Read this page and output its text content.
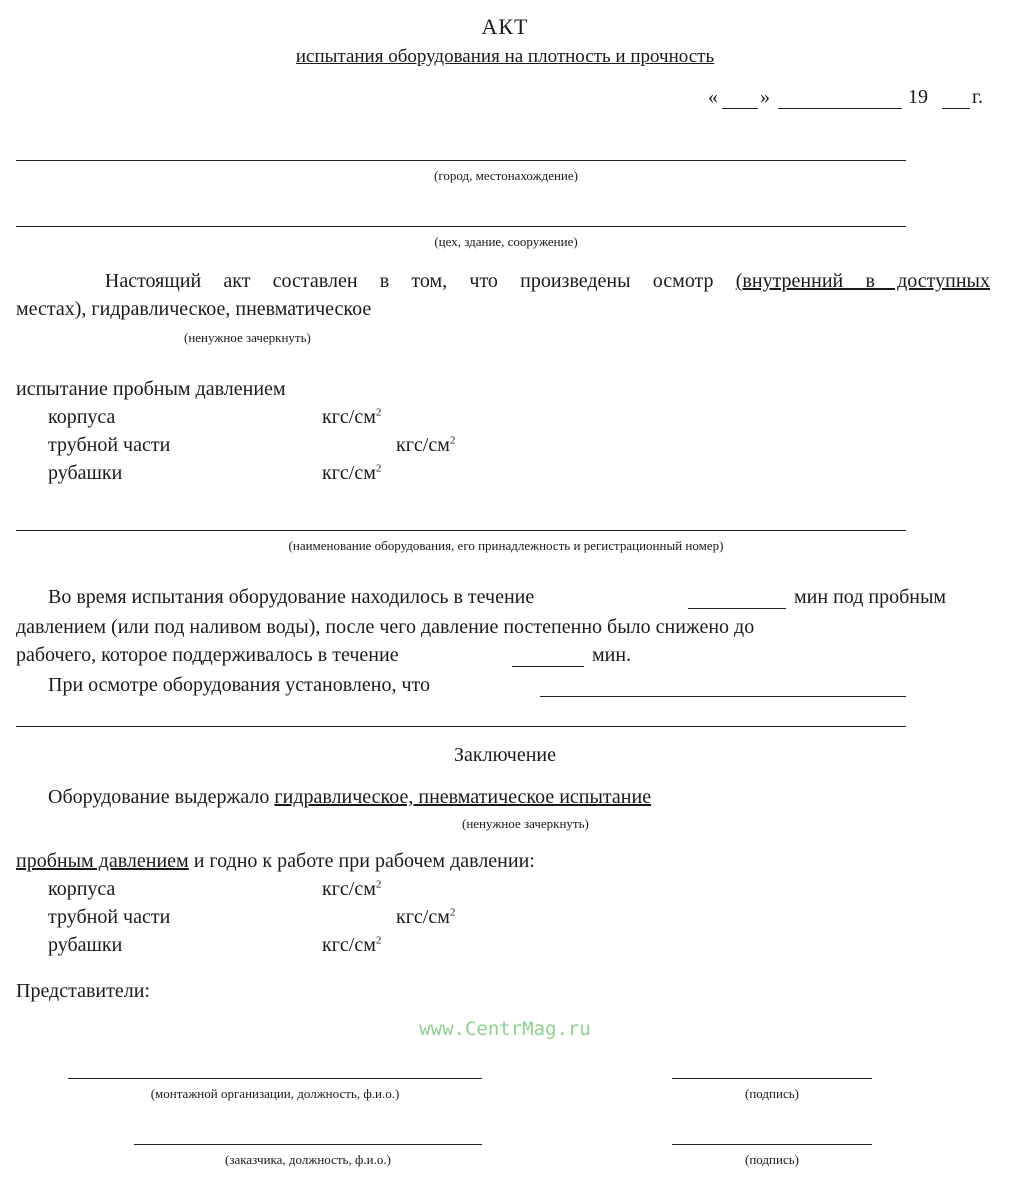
АКТ
испытания оборудования на плотность и прочность
« »	19 г.
(город, местонахождение)
(цех, здание, сооружение)
Настоящий акт составлен в том, что произведены осмотр (внутренний в доступных
местах), гидравлическое, пневматическое
(ненужное зачеркнуть)
испытание пробным давлением
корпуса	кгс/$см^2$
трубной части	кгс/$см^2$
рубашки	кгс/$см^2$
(наименование оборудования, его принадлежность и регистрационный номер)
Во время испытания оборудование находилось в течение	мин под пробным
давлением (или под наливом воды), после чего давление постепенно было снижено до
рабочего, которое поддерживалось в течение	мин.
При осмотре оборудования установлено, что
Заключение
Оборудование выдержало гидравлическое, пневматическое испытание
(ненужное зачеркнуть)
пробным давлением и годно к работе при рабочем давлении:
корпуса	кгс/$см^2$
трубной части	кгс/$см^2$
рубашки	кгс/$см^2$
Представители:
www.CentrMag.ru
(монтажной организации, должность, ф.и.о.)	(подпись)
(заказчика, должность, ф.и.о.)	(подпись)
